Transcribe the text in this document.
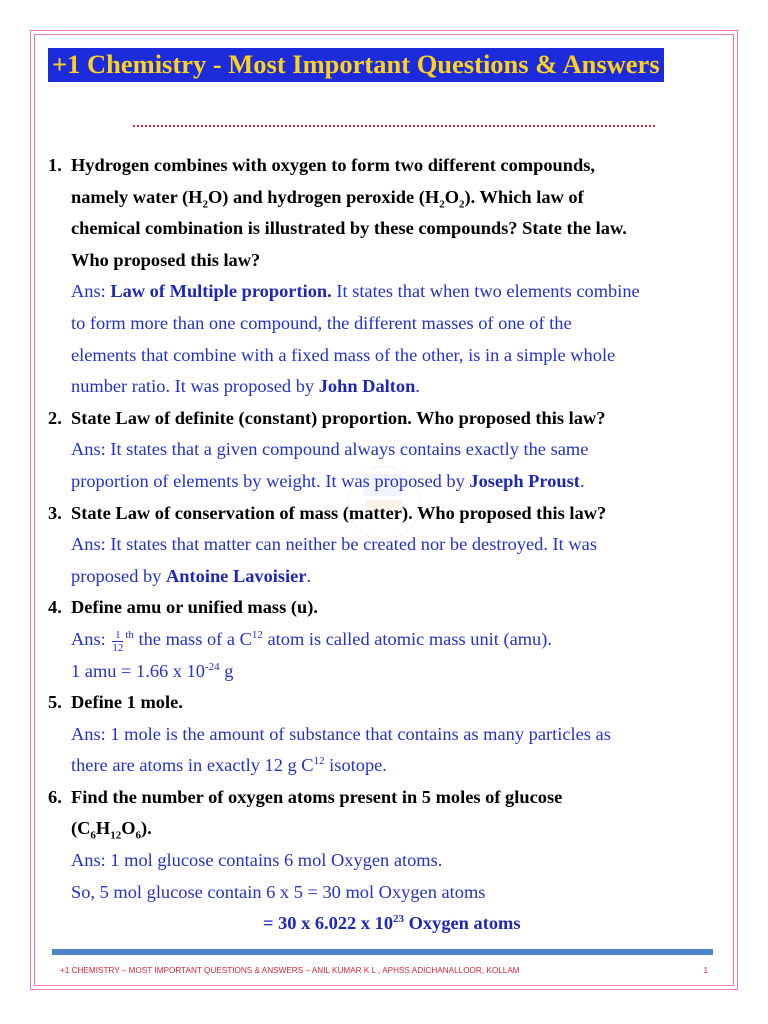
+1 Chemistry - Most Important Questions & Answers
1. Hydrogen combines with oxygen to form two different compounds,
namely water $(H_2O)$ and hydrogen peroxide $(H_2O_2)$. Which law of
chemical combination is illustrated by these compounds? State the law.
Who proposed this law?
Ans: Law of Multiple proportion. It states that when two elements combine
to form more than one compound, the different masses of one of the
elements that combine with a fixed mass of the other, is in a simple whole
number ratio. It was proposed by John Dalton.
2. State Law of definite (constant) proportion. Who proposed this law?
Ans: It states that a given compound always contains exactly the same
proportion of elements by weight. It was proposed by Joseph Proust.
3. State Law of conservation of mass (matter). Who proposed this law?
Ans: It states that matter can neither be created nor be destroyed. It was
proposed by Antoine Lavoisier.
4. Define amu or unified mass (u).
Ans: $\frac{1}{12} ^{th}$ the mass of a $C^{12}$ atom is called atomic mass unit (amu).
1 amu = 1.66 x $10^{-24}$ g
5. Define 1 mole.
Ans: 1 mole is the amount of substance that contains as many particles as
there are atoms in exactly 12 g $C^{12}$ isotope.
6. Find the number of oxygen atoms present in 5 moles of glucose
$(C_6H_{12}O_6)$.
Ans: 1 mol glucose contains 6 mol Oxygen atoms.
So, 5 mol glucose contain 6 x 5 = 30 mol Oxygen atoms
= 30 x 6.022 x $10^{23}$ Oxygen atoms
+1 CHEMISTRY – MOST IMPORTANT QUESTIONS & ANSWERS – ANIL KUMAR K L , APHSS ADICHANALLOOR, KOLLAM	1
